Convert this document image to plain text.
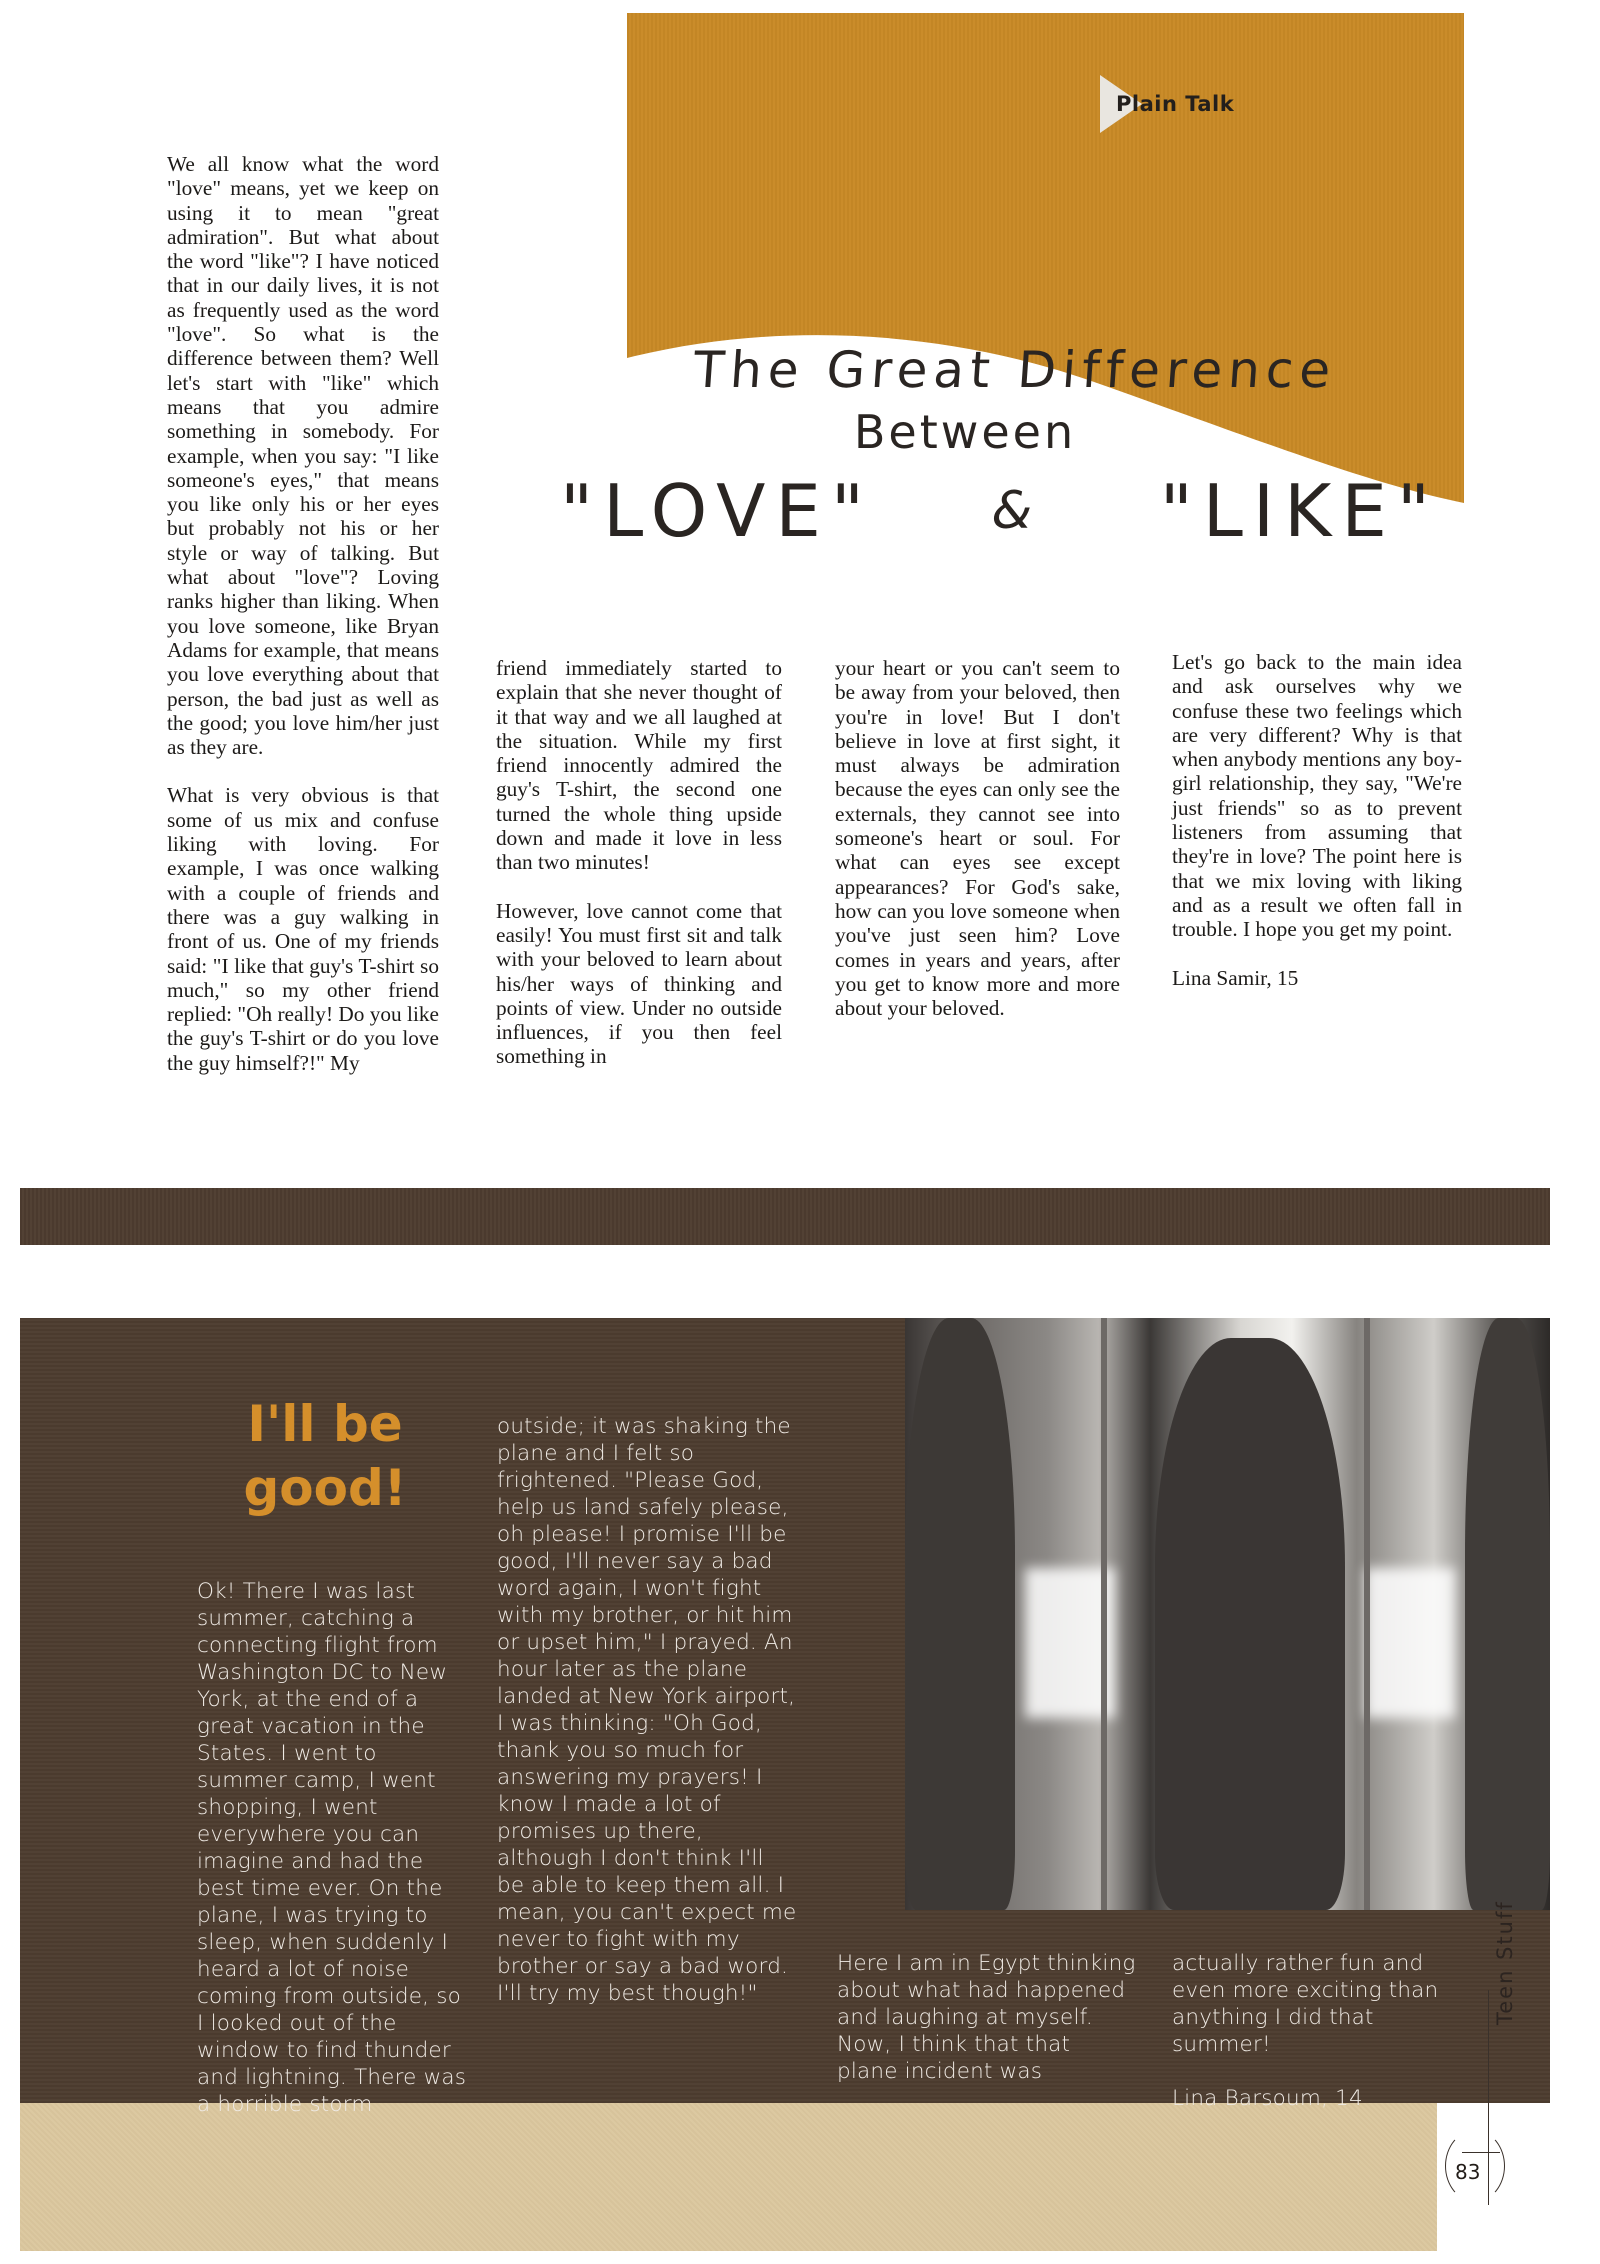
Plain Talk
The Great Difference
Between
"LOVE" & "LIKE"

We all know what the word "love" means, yet we keep on using it to mean "great admiration". But what about the word "like"? I have noticed that in our daily lives, it is not as frequently used as the word "love". So what is the difference between them? Well let's start with "like" which means that you admire something in somebody. For example, when you say: "I like someone's eyes," that means you like only his or her eyes but probably not his or her style or way of talking. But what about "love"? Loving ranks higher than liking. When you love someone, like Bryan Adams for example, that means you love everything about that person, the bad just as well as the good; you love him/her just as they are.

What is very obvious is that some of us mix and confuse liking with loving. For example, I was once walking with a couple of friends and there was a guy walking in front of us. One of my friends said: "I like that guy's T-shirt so much," so my other friend replied: "Oh really! Do you like the guy's T-shirt or do you love the guy himself?!" My

friend immediately started to explain that she never thought of it that way and we all laughed at the situation. While my first friend innocently admired the guy's T-shirt, the second one turned the whole thing upside down and made it love in less than two minutes!

However, love cannot come that easily! You must first sit and talk with your beloved to learn about his/her ways of thinking and points of view. Under no outside influences, if you then feel something in

your heart or you can't seem to be away from your beloved, then you're in love! But I don't believe in love at first sight, it must always be admiration because the eyes can only see the externals, they cannot see into someone's heart or soul. For what can eyes see except appearances? For God's sake, how can you love someone when you've just seen him? Love comes in years and years, after you get to know more and more about your beloved.

Let's go back to the main idea and ask ourselves why we confuse these two feelings which are very different? Why is that when anybody mentions any boy-girl relationship, they say, "We're just friends" so as to prevent listeners from assuming that they're in love? The point here is that we mix loving with liking and as a result we often fall in trouble. I hope you get my point.

Lina Samir, 15

I'll be
good!

Ok! There I was last summer, catching a connecting flight from Washington DC to New York, at the end of a great vacation in the States. I went to summer camp, I went shopping, I went everywhere you can imagine and had the best time ever. On the plane, I was trying to sleep, when suddenly I heard a lot of noise coming from outside, so I looked out of the window to find thunder and lightning. There was a horrible storm

outside; it was shaking the plane and I felt so frightened. "Please God, help us land safely please, oh please! I promise I'll be good, I'll never say a bad word again, I won't fight with my brother, or hit him or upset him," I prayed. An hour later as the plane landed at New York airport, I was thinking: "Oh God, thank you so much for answering my prayers! I know I made a lot of promises up there, although I don't think I'll be able to keep them all. I mean, you can't expect me never to fight with my brother or say a bad word. I'll try my best though!"

Here I am in Egypt thinking about what had happened and laughing at myself. Now, I think that that plane incident was

actually rather fun and even more exciting than anything I did that summer!

Lina Barsoum, 14

Teen Stuff
83
